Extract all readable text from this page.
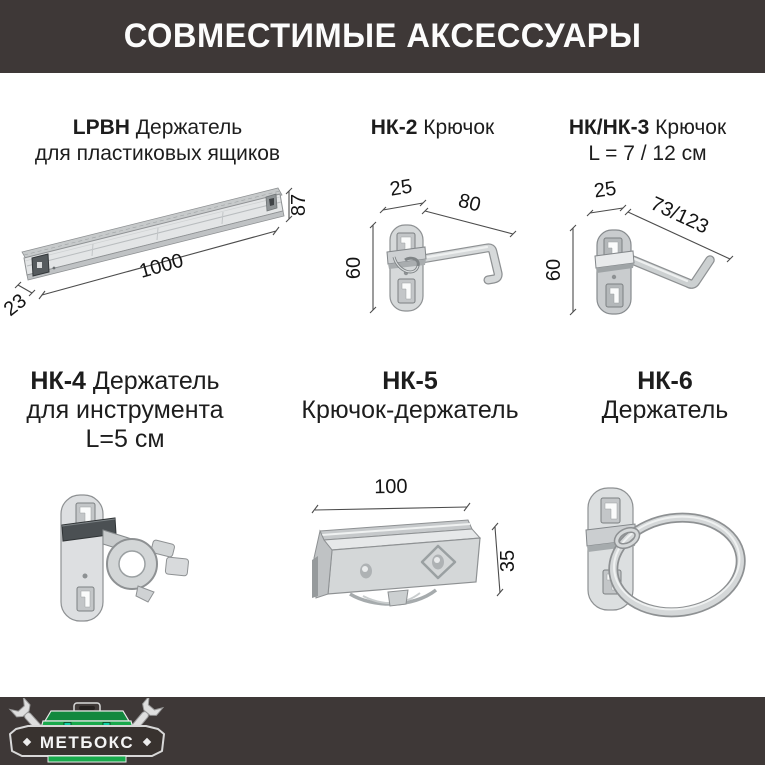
СОВМЕСТИМЫЕ АКСЕССУАРЫ
LPBH Держатель
для пластиковых ящиков
НК-2 Крючок	НК/НК-3 Крючок
L = 7 / 12 см
1000
87
23
60
25
80
60
25
73/123
НК-4 Держатель
для инструмента
L=5 см
НК-5
Крючок-держатель
НК-6
Держатель
100
35
МЕТБОКС
